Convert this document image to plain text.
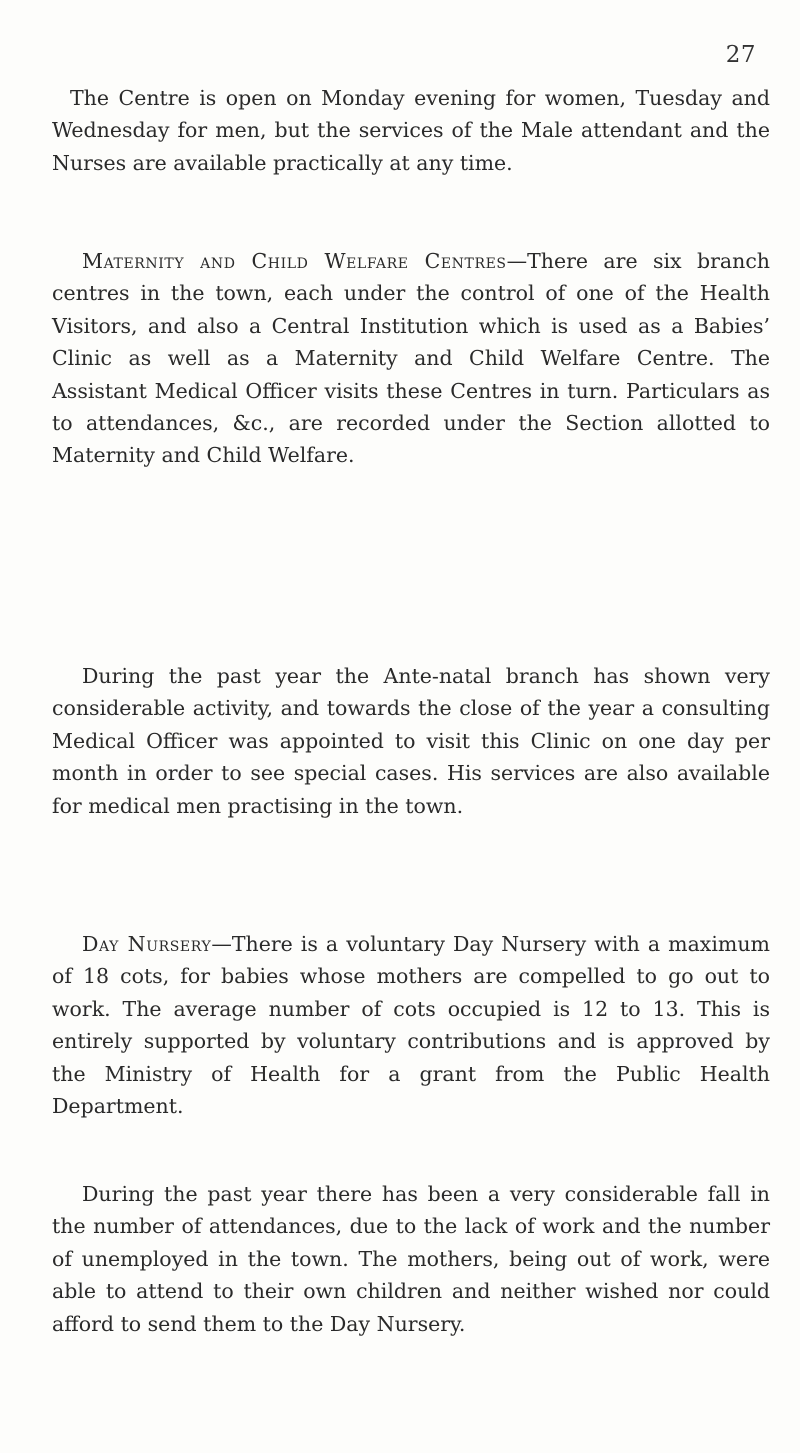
27

The Centre is open on Monday evening for women, Tuesday and Wednesday for men, but the services of the Male attendant and the Nurses are available practically at any time.

Maternity and Child Welfare Centres—There are six branch centres in the town, each under the control of one of the Health Visitors, and also a Central Institution which is used as a Babies’ Clinic as well as a Maternity and Child Welfare Centre. The Assistant Medical Officer visits these Centres in turn. Particulars as to attendances, &c., are recorded under the Section allotted to Maternity and Child Welfare.

During the past year the Ante-natal branch has shown very considerable activity, and towards the close of the year a consulting Medical Officer was appointed to visit this Clinic on one day per month in order to see special cases. His services are also available for medical men practising in the town.

Day Nursery—There is a voluntary Day Nursery with a maximum of 18 cots, for babies whose mothers are compelled to go out to work. The average number of cots occupied is 12 to 13. This is entirely supported by voluntary contributions and is approved by the Ministry of Health for a grant from the Public Health Department.

During the past year there has been a very considerable fall in the number of attendances, due to the lack of work and the number of unemployed in the town. The mothers, being out of work, were able to attend to their own children and neither wished nor could afford to send them to the Day Nursery.
